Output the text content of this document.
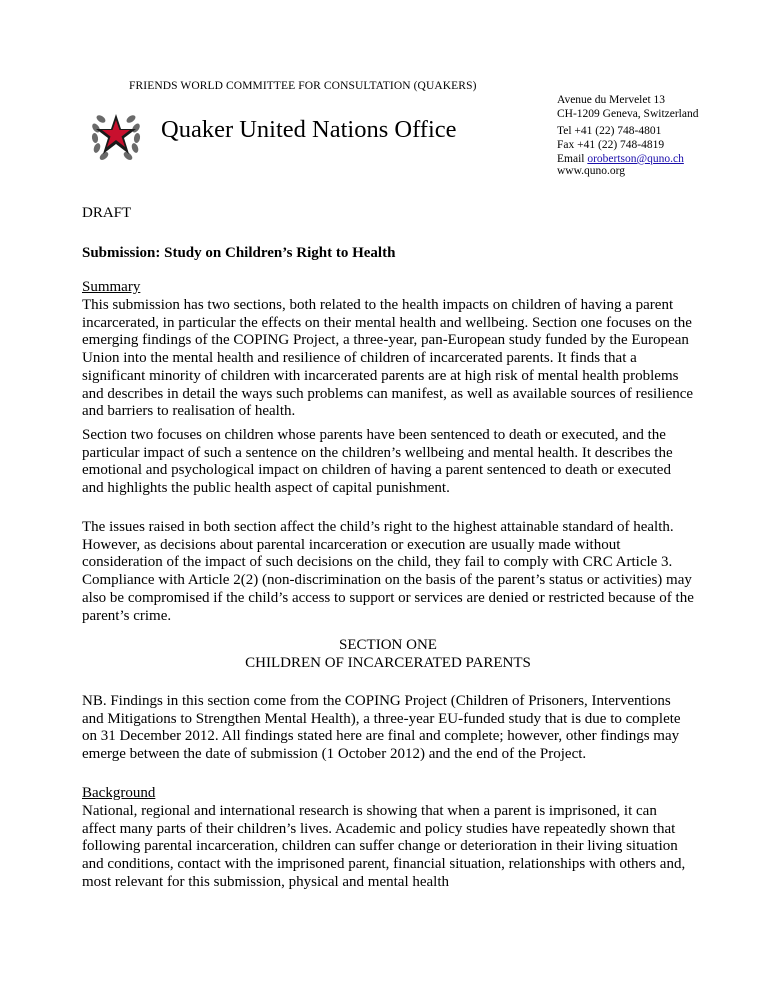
FRIENDS WORLD COMMITTEE FOR CONSULTATION (QUAKERS)
Quaker United Nations Office
Avenue du Mervelet 13
CH-1209 Geneva, Switzerland
Tel +41 (22) 748-4801
Fax +41 (22) 748-4819
Email orobertson@quno.ch
www.quno.org
DRAFT
Submission: Study on Children’s Right to Health
Summary
This submission has two sections, both related to the health impacts on children of having a parent incarcerated, in particular the effects on their mental health and wellbeing. Section one focuses on the emerging findings of the COPING Project, a three-year, pan-European study funded by the European Union into the mental health and resilience of children of incarcerated parents. It finds that a significant minority of children with incarcerated parents are at high risk of mental health problems and describes in detail the ways such problems can manifest, as well as available sources of resilience and barriers to realisation of health.
Section two focuses on children whose parents have been sentenced to death or executed, and the particular impact of such a sentence on the children’s wellbeing and mental health. It describes the emotional and psychological impact on children of having a parent sentenced to death or executed and highlights the public health aspect of capital punishment.
The issues raised in both section affect the child’s right to the highest attainable standard of health. However, as decisions about parental incarceration or execution are usually made without consideration of the impact of such decisions on the child, they fail to comply with CRC Article 3. Compliance with Article 2(2) (non-discrimination on the basis of the parent’s status or activities) may also be compromised if the child’s access to support or services are denied or restricted because of the parent’s crime.
SECTION ONE
CHILDREN OF INCARCERATED PARENTS
NB. Findings in this section come from the COPING Project (Children of Prisoners, Interventions and Mitigations to Strengthen Mental Health), a three-year EU-funded study that is due to complete on 31 December 2012. All findings stated here are final and complete; however, other findings may emerge between the date of submission (1 October 2012) and the end of the Project.
Background
National, regional and international research is showing that when a parent is imprisoned, it can affect many parts of their children’s lives. Academic and policy studies have repeatedly shown that following parental incarceration, children can suffer change or deterioration in their living situation and conditions, contact with the imprisoned parent, financial situation, relationships with others and, most relevant for this submission, physical and mental health
